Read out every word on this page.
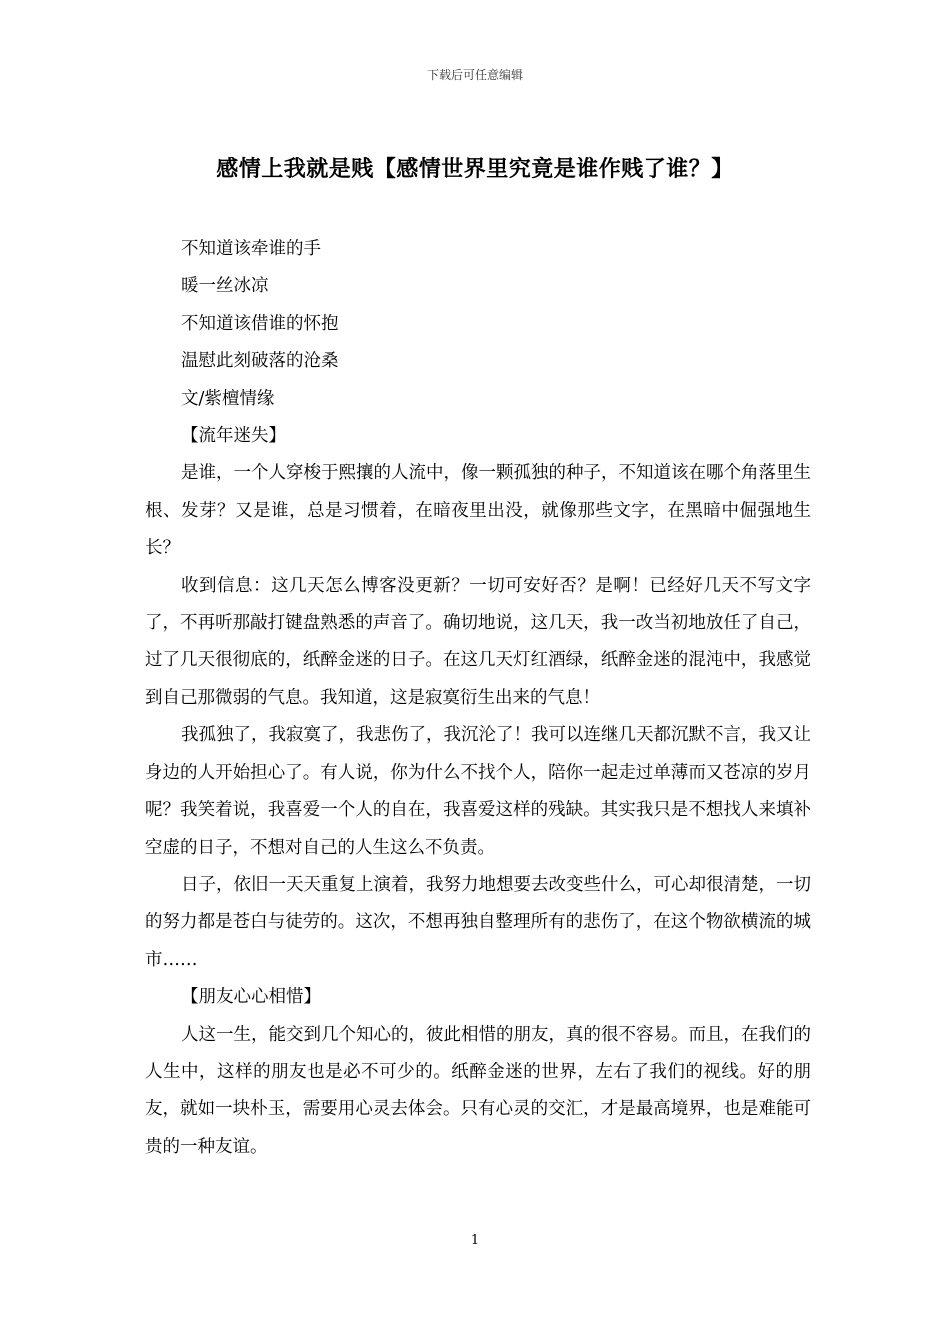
下载后可任意编辑
感情上我就是贱【感情世界里究竟是谁作贱了谁？】

不知道该牵谁的手

暖一丝冰凉

不知道该借谁的怀抱

温慰此刻破落的沧桑

文/紫檀情缘

【流年迷失】

是谁，一个人穿梭于熙攘的人流中，像一颗孤独的种子，不知道该在哪个角落里生根、发芽？又是谁，总是习惯着，在暗夜里出没，就像那些文字，在黑暗中倔强地生长？

收到信息：这几天怎么博客没更新？一切可安好否？是啊！已经好几天不写文字了，不再听那敲打键盘熟悉的声音了。确切地说，这几天，我一改当初地放任了自己，过了几天很彻底的，纸醉金迷的日子。在这几天灯红酒绿，纸醉金迷的混沌中，我感觉到自己那微弱的气息。我知道，这是寂寞衍生出来的气息！

我孤独了，我寂寞了，我悲伤了，我沉沦了！我可以连继几天都沉默不言，我又让身边的人开始担心了。有人说，你为什么不找个人，陪你一起走过单薄而又苍凉的岁月呢？我笑着说，我喜爱一个人的自在，我喜爱这样的残缺。其实我只是不想找人来填补空虚的日子，不想对自己的人生这么不负责。

日子，依旧一天天重复上演着，我努力地想要去改变些什么，可心却很清楚，一切的努力都是苍白与徒劳的。这次，不想再独自整理所有的悲伤了，在这个物欲横流的城市……

【朋友心心相惜】

人这一生，能交到几个知心的，彼此相惜的朋友，真的很不容易。而且，在我们的人生中，这样的朋友也是必不可少的。纸醉金迷的世界，左右了我们的视线。好的朋友，就如一块朴玉，需要用心灵去体会。只有心灵的交汇，才是最高境界，也是难能可贵的一种友谊。

1
